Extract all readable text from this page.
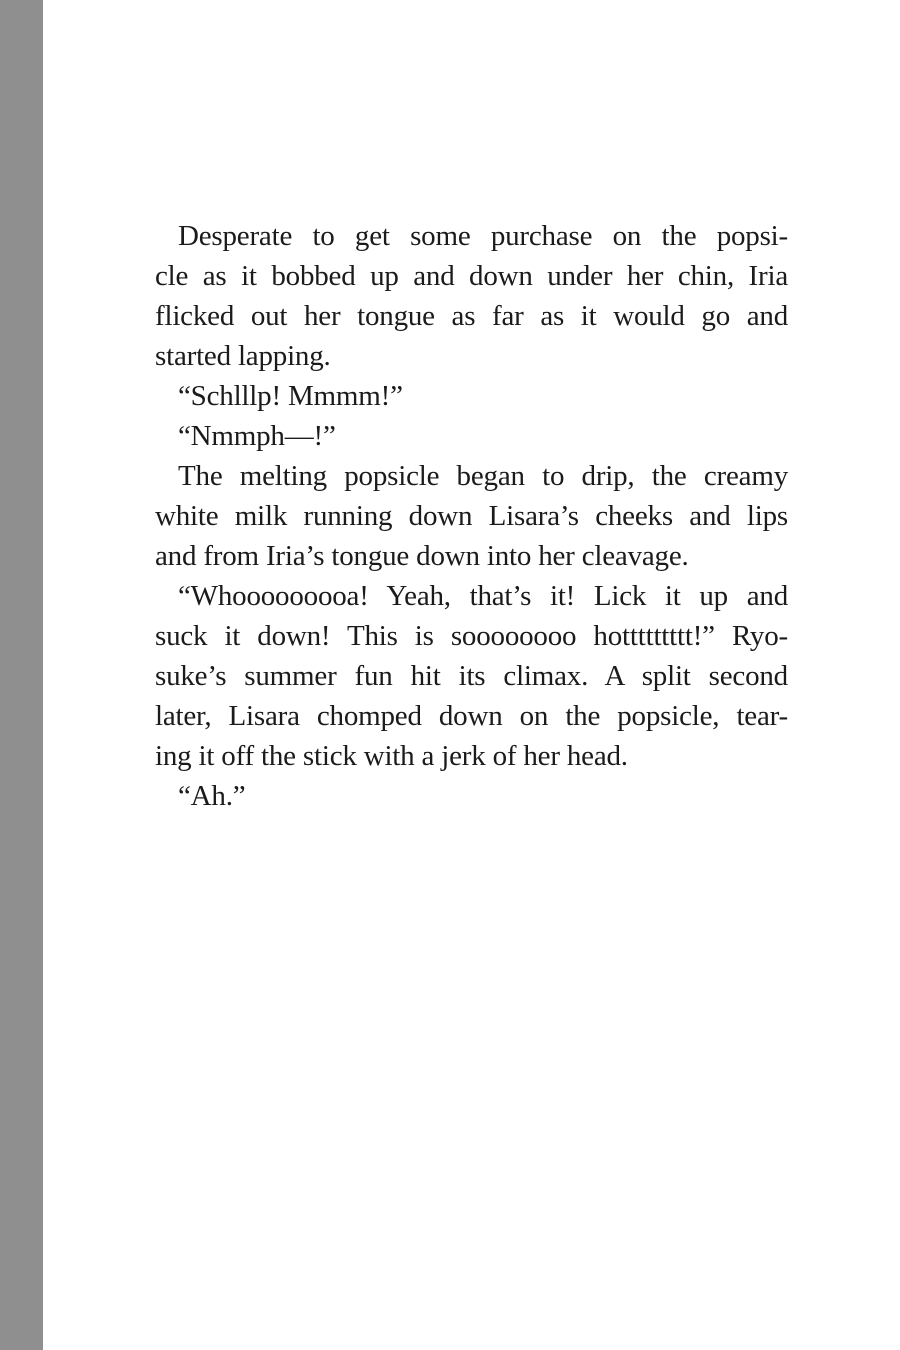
Desperate to get some purchase on the popsi-
cle as it bobbed up and down under her chin, Iria
flicked out her tongue as far as it would go and
started lapping.
“Schlllp! Mmmm!”
“Nmmph—!”
The melting popsicle began to drip, the creamy
white milk running down Lisara’s cheeks and lips
and from Iria’s tongue down into her cleavage.
“Whooooooooa! Yeah, that’s it! Lick it up and
suck it down! This is soooooooo hottttttttt!” Ryo-
suke’s summer fun hit its climax. A split second
later, Lisara chomped down on the popsicle, tear-
ing it off the stick with a jerk of her head.
“Ah.”
